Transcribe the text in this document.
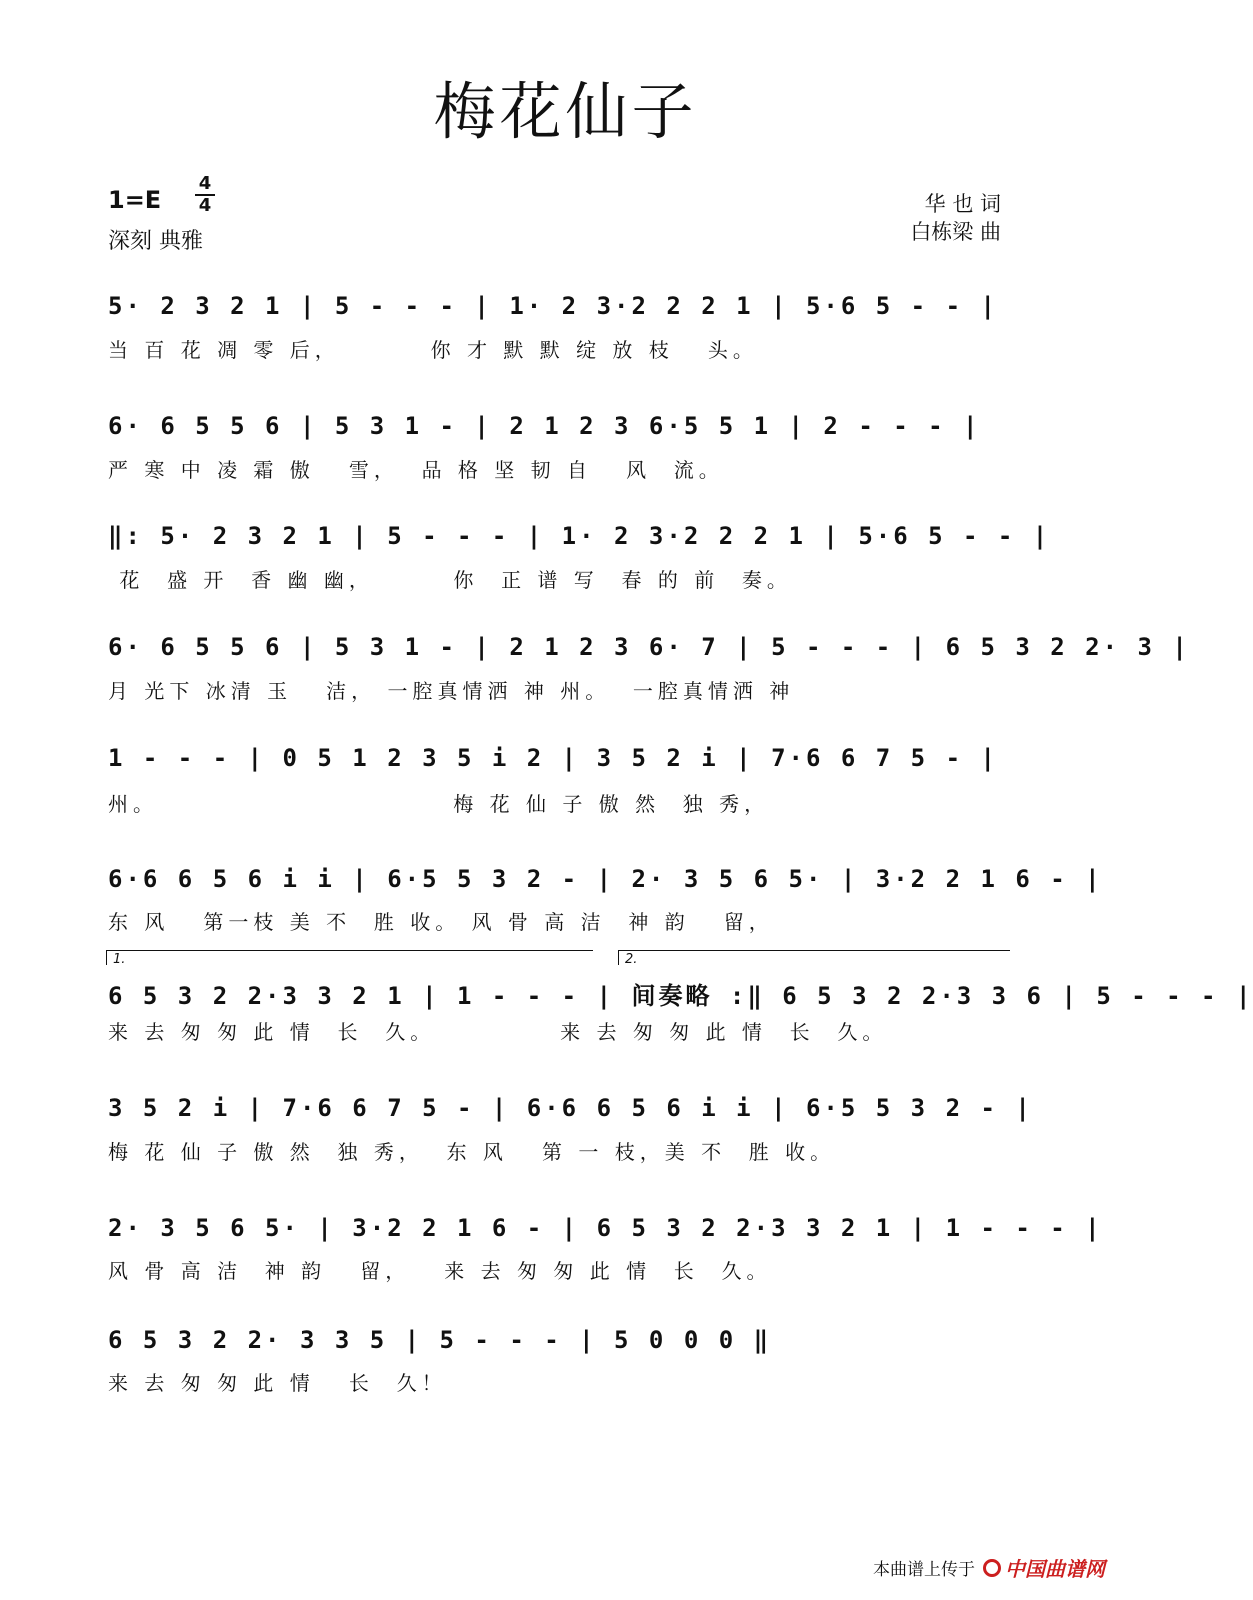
梅花仙子
1=E
4
4
深刻 典雅
华 也 词
白栋梁 曲
5· 2 3 2 1 | 5 - - - | 1· 2 3·2 2 2 1 | 5·6 5 - - |
当 百 花 凋 零 后，        你 才 默 默 绽 放 枝   头。
6· 6 5 5 6 | 5 3 1 - | 2 1 2 3 6·5 5 1 | 2 - - - |
严 寒 中 凌 霜 傲   雪，  品 格 坚 韧 自   风  流。
‖: 5· 2 3 2 1 | 5 - - - | 1· 2 3·2 2 2 1 | 5·6 5 - - |
花  盛 开  香 幽 幽，       你  正 谱 写  春 的 前  奏。
6· 6 5 5 6 | 5 3 1 - | 2 1 2 3 6· 7 | 5 - - - | 6 5 3 2 2· 3 |
月 光下 冰清 玉   洁， 一腔真情洒 神 州。  一腔真情洒 神
1 - - - | 0 5 1 2 3 5 i 2 | 3 5 2 i | 7·6 6 7 5 - |
州。                          梅 花 仙 子 傲 然  独 秀，
6·6 6 5 6 i i | 6·5 5 3 2 - | 2· 3 5 6 5· | 3·2 2 1 6 - |
东 风   第一枝 美 不  胜 收。 风 骨 高 洁  神 韵   留，
1.	2.
6 5 3 2 2·3 3 2 1 | 1 - - - | 间奏略 :‖ 6 5 3 2 2·3 3 6 | 5 - - - |
来 去 匆 匆 此 情  长  久。           来 去 匆 匆 此 情  长  久。
3 5 2 i | 7·6 6 7 5 - | 6·6 6 5 6 i i | 6·5 5 3 2 - |
梅 花 仙 子 傲 然  独 秀，  东 风   第 一 枝，美 不  胜 收。
2· 3 5 6 5· | 3·2 2 1 6 - | 6 5 3 2 2·3 3 2 1 | 1 - - - |
风 骨 高 洁  神 韵   留，   来 去 匆 匆 此 情  长  久。
6 5 3 2 2· 3 3 5 | 5 - - - | 5 0 0 0 ‖
来 去 匆 匆 此 情   长  久！
本曲谱上传于 中国曲谱网
